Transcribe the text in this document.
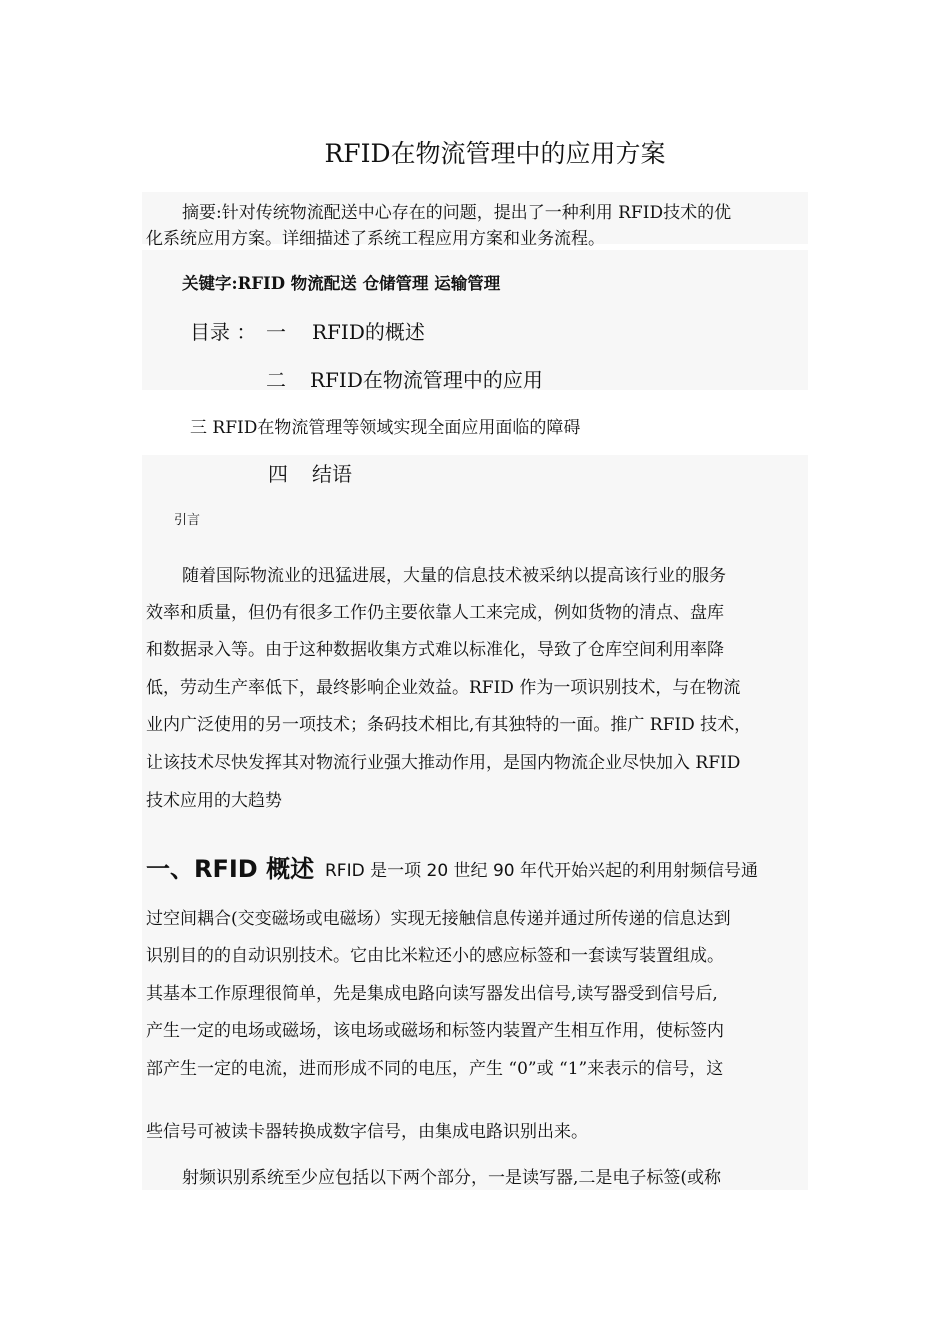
RFID在物流管理中的应用方案
摘要:针对传统物流配送中心存在的问题，提出了一种利用 RFID技术的优
化系统应用方案。详细描述了系统工程应用方案和业务流程。
关键字:RFID 物流配送 仓储管理 运输管理
目录 ： 一 RFID的概述
二 RFID在物流管理中的应用
三 RFID在物流管理等领域实现全面应用面临的障碍
四 结语
引言
随着国际物流业的迅猛进展，大量的信息技术被采纳以提高该行业的服务
效率和质量，但仍有很多工作仍主要依靠人工来完成，例如货物的清点、盘库
和数据录入等。由于这种数据收集方式难以标准化，导致了仓库空间利用率降
低，劳动生产率低下，最终影响企业效益。RFID 作为一项识别技术，与在物流
业内广泛使用的另一项技术；条码技术相比,有其独特的一面。推广 RFID 技术，
让该技术尽快发挥其对物流行业强大推动作用，是国内物流企业尽快加入 RFID
技术应用的大趋势
一、RFID 概述 RFID 是一项 20 世纪 90 年代开始兴起的利用射频信号通
过空间耦合(交变磁场或电磁场）实现无接触信息传递并通过所传递的信息达到
识别目的的自动识别技术。它由比米粒还小的感应标签和一套读写装置组成。
其基本工作原理很简单，先是集成电路向读写器发出信号,读写器受到信号后,
产生一定的电场或磁场，该电场或磁场和标签内装置产生相互作用，使标签内
部产生一定的电流，进而形成不同的电压，产生 “0”或 “1”来表示的信号，这
些信号可被读卡器转换成数字信号，由集成电路识别出来。
射频识别系统至少应包括以下两个部分，一是读写器,二是电子标签(或称
